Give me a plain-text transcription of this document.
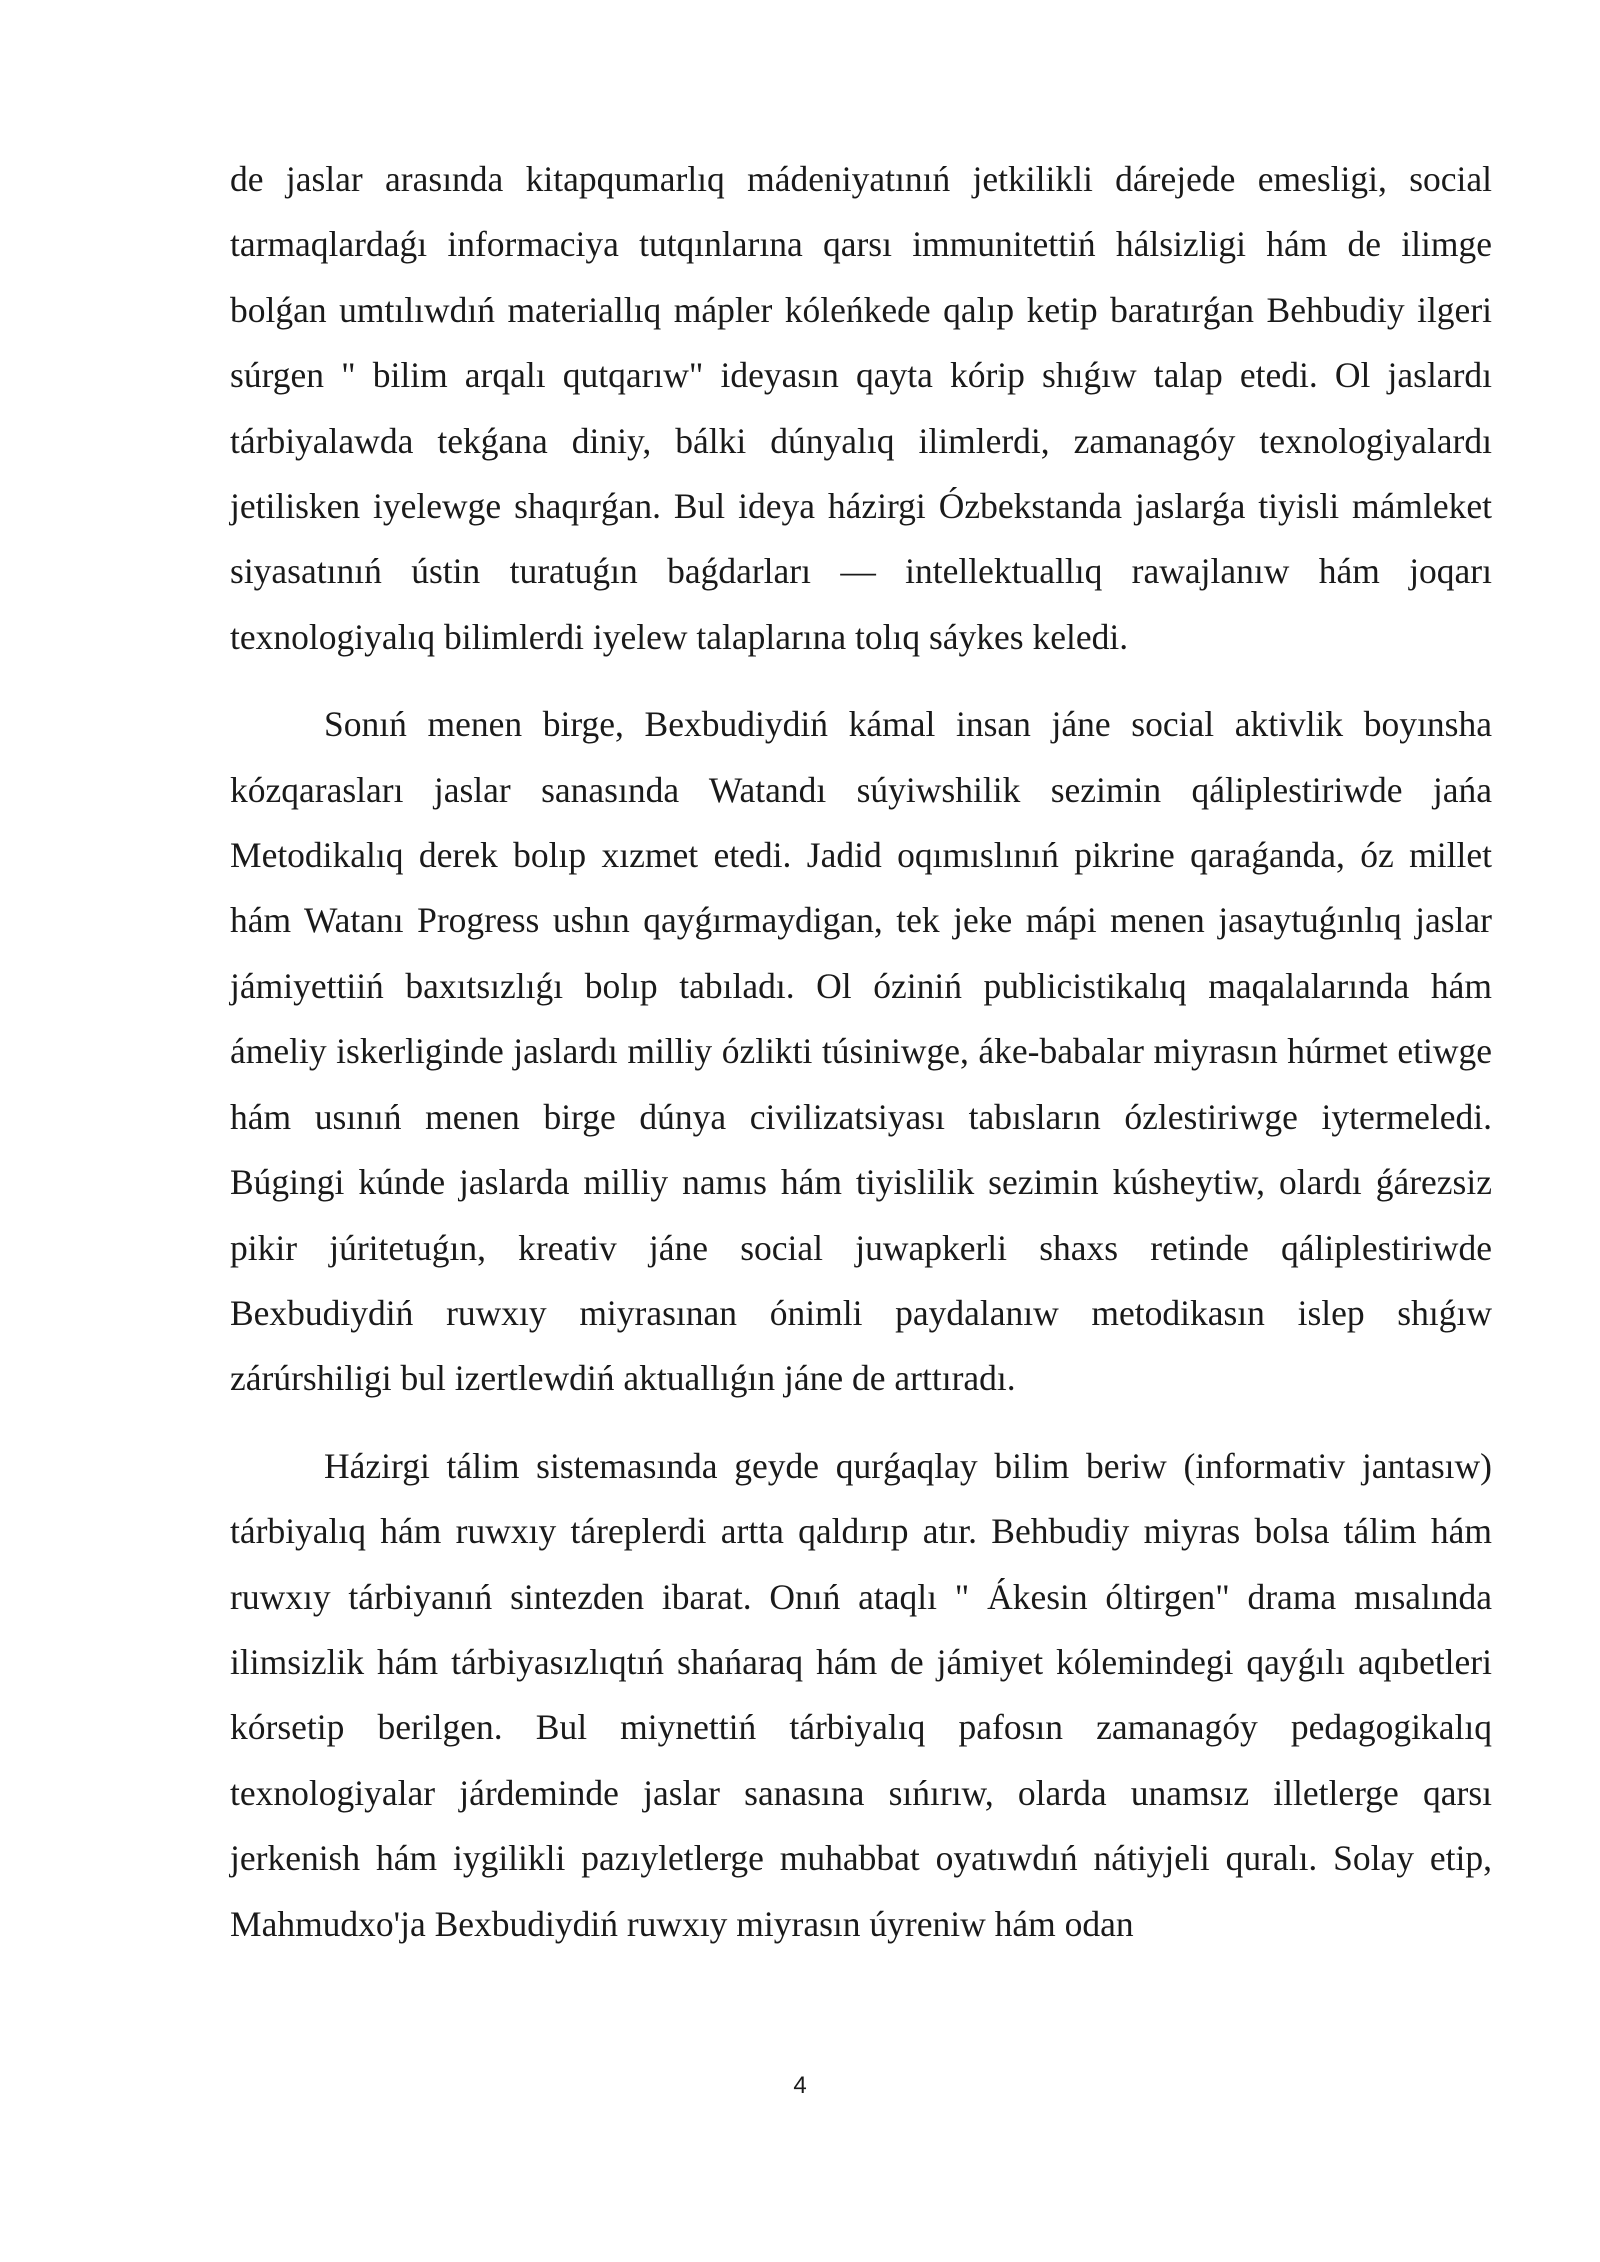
de jaslar arasında kitapqumarlıq mádeniyatınıń jetkilikli dárejede emesligi, social tarmaqlardaǵı informaciya tutqınlarına qarsı immunitettiń hálsizligi hám de ilimge bolǵan umtılıwdıń materiallıq mápler kóleńkede qalıp ketip baratırǵan Behbudiy ilgeri súrgen " bilim arqalı qutqarıw" ideyasın qayta kórip shıǵıw talap etedi. Ol jaslardı tárbiyalawda tekǵana diniy, bálki dúnyalıq ilimlerdi, zamanagóy texnologiyalardı jetilisken iyelewge shaqırǵan. Bul ideya házirgi Ózbekstanda jaslarǵa tiyisli mámleket siyasatınıń ústin turatuǵın baǵdarları — intellektuallıq rawajlanıw hám joqarı texnologiyalıq bilimlerdi iyelew talaplarına tolıq sáykes keledi.

Sonıń menen birge, Bexbudiydiń kámal insan jáne social aktivlik boyınsha kózqarasları jaslar sanasında Watandı súyiwshilik sezimin qáliplestiriwde jańa Metodikalıq derek bolıp xızmet etedi. Jadid oqımıslınıń pikrine qaraǵanda, óz millet hám Watanı Progress ushın qayǵırmaydigan, tek jeke mápi menen jasaytuǵınlıq jaslar jámiyettiiń baxıtsızlıǵı bolıp tabıladı. Ol óziniń publicistikalıq maqalalarında hám ámeliy iskerliginde jaslardı milliy ózlikti túsiniwge, áke-babalar miyrasın húrmet etiwge hám usınıń menen birge dúnya civilizatsiyası tabısların ózlestiriwge iytermeledi. Búgingi kúnde jaslarda milliy namıs hám tiyislilik sezimin kúsheytiw, olardı ǵárezsiz pikir júritetuǵın, kreativ jáne social juwapkerli shaxs retinde qáliplestiriwde Bexbudiydiń ruwxıy miyrasınan ónimli paydalanıw metodikasın islep shıǵıw zárúrshiligi bul izertlewdiń aktuallıǵın jáne de arttıradı.

Házirgi tálim sistemasında geyde qurǵaqlay bilim beriw (informativ jantasıw) tárbiyalıq hám ruwxıy táreplerdi artta qaldırıp atır. Behbudiy miyras bolsa tálim hám ruwxıy tárbiyanıń sintezden ibarat. Onıń ataqlı " Ákesin óltirgen" drama mısalında ilimsizlik hám tárbiyasızlıqtıń shańaraq hám de jámiyet kólemindegi qayǵılı aqıbetleri kórsetip berilgen. Bul miynettiń tárbiyalıq pafosın zamanagóy pedagogikalıq texnologiyalar járdeminde jaslar sanasına sıńırıw, olarda unamsız illetlerge qarsı jerkenish hám iygilikli pazıyletlerge muhabbat oyatıwdıń nátiyjeli quralı. Solay etip, Mahmudxo'ja Bexbudiydiń ruwxıy miyrasın úyreniw hám odan

4
